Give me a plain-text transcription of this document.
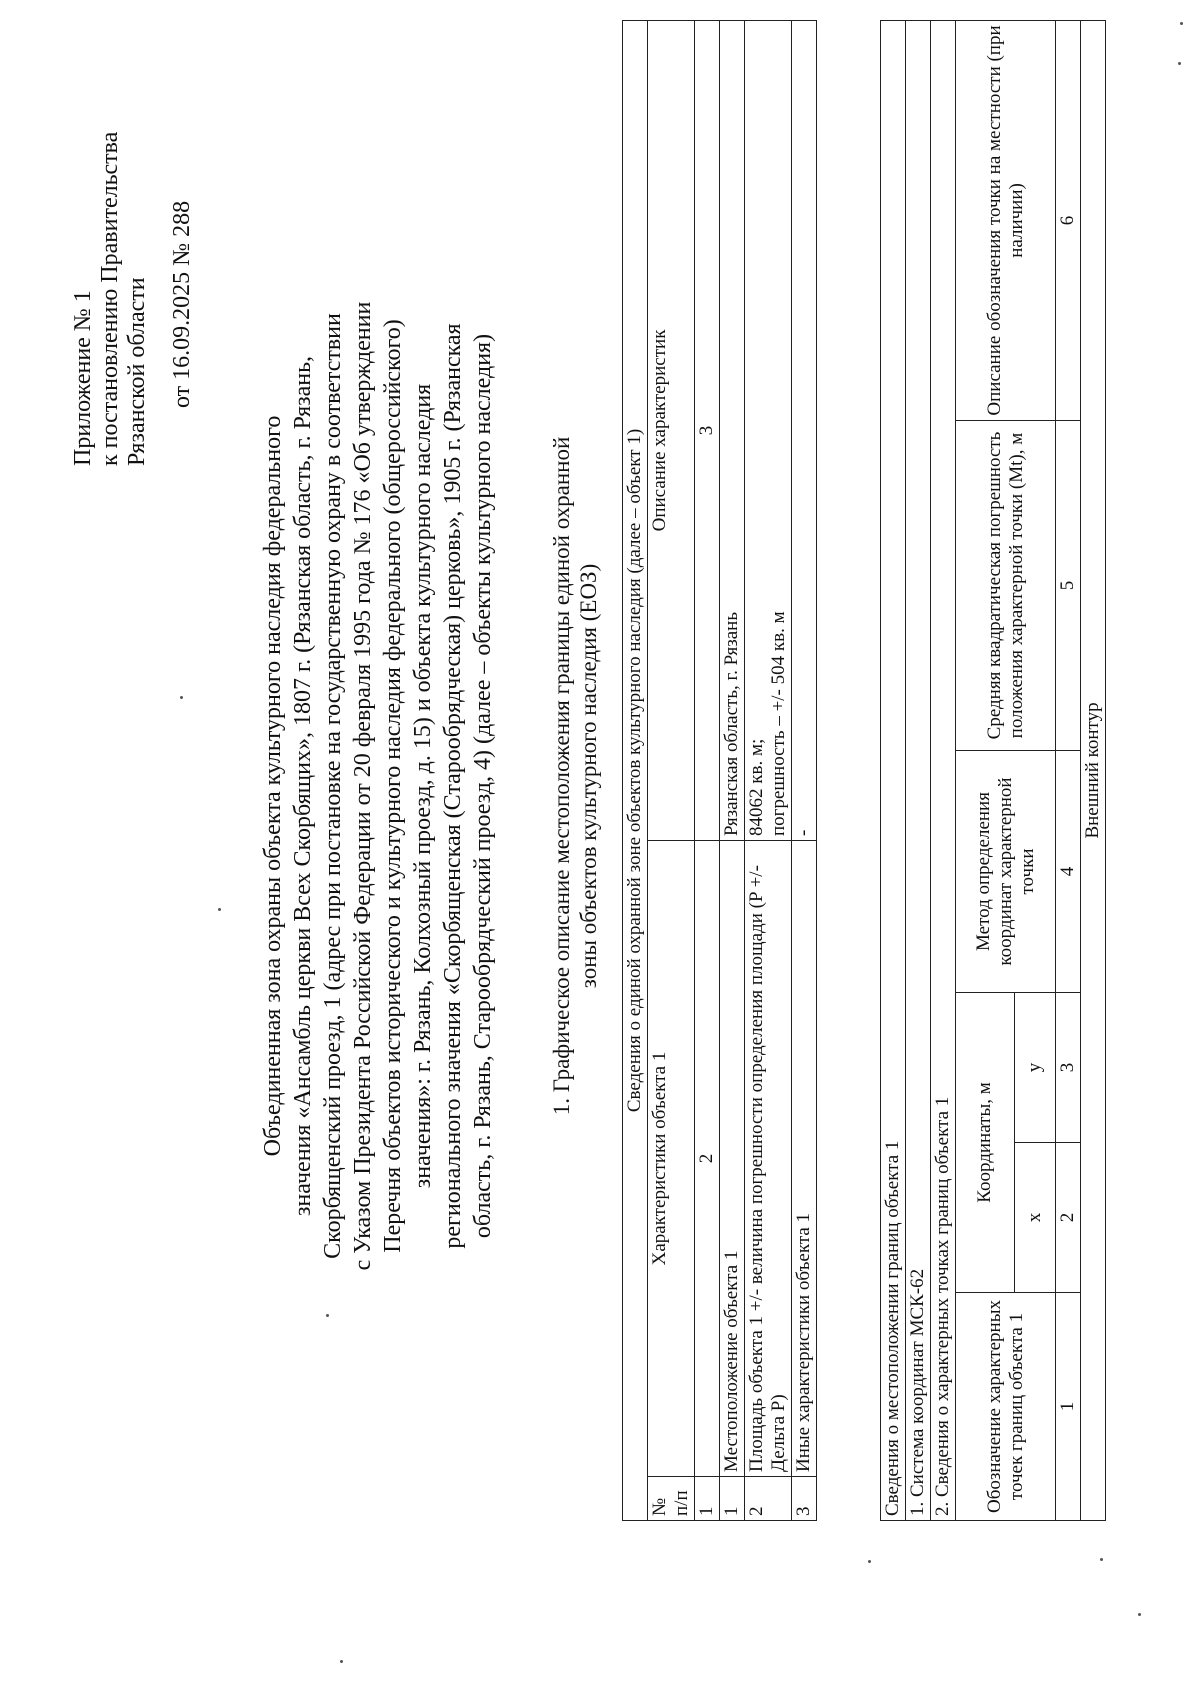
Приложение № 1 к постановлению Правительства Рязанской области от 16.09.2025 № 288
Объединенная зона охраны объекта культурного наследия федерального значения «Ансамбль церкви Всех Скорбящих», 1807 г. (Рязанская область, г. Рязань, Скорбященский проезд, 1 (адрес при постановке на государственную охрану в соответствии с Указом Президента Российской Федерации от 20 февраля 1995 года № 176 «Об утверждении Перечня объектов исторического и культурного наследия федерального (общероссийского) значения»: г. Рязань, Колхозный проезд, д. 15) и объекта культурного наследия регионального значения «Скорбященская (Старообрядческая) церковь», 1905 г. (Рязанская область, г. Рязань, Старообрядческий проезд, 4) (далее – объекты культурного наследия) 1. Графическое описание местоположения границы единой охранной зоны объектов культурного наследия (ЕОЗ) Сведения о единой охранной зоне объектов культурного наследия (далее – объект 1)		
№ п/п	Характеристики объекта 1	Описание характеристик
1	2	3
1	Местоположение объекта 1	Рязанская область, г. Рязань
2	Площадь объекта 1 +/- величина погрешности определения площади (P +/- Дельта P)	84062 кв. м; погрешность – +/- 504 кв. м

3	Иные характеристики объекта 1	-
Сведения о местоположении границ объекта 1					
1. Система координат МСК-62					
2. Сведения о характерных точках границ объекта 1					
Обозначение характерных точек границ объекта 1	Координаты, м		Метод определения координат характерной точки	Средняя квадратическая погрешность положения характерной точки (Mt), м	Описание обозначения точки на местности (при наличии)
	x	y			
1	2	3	4	5	6
Внешний контур					
